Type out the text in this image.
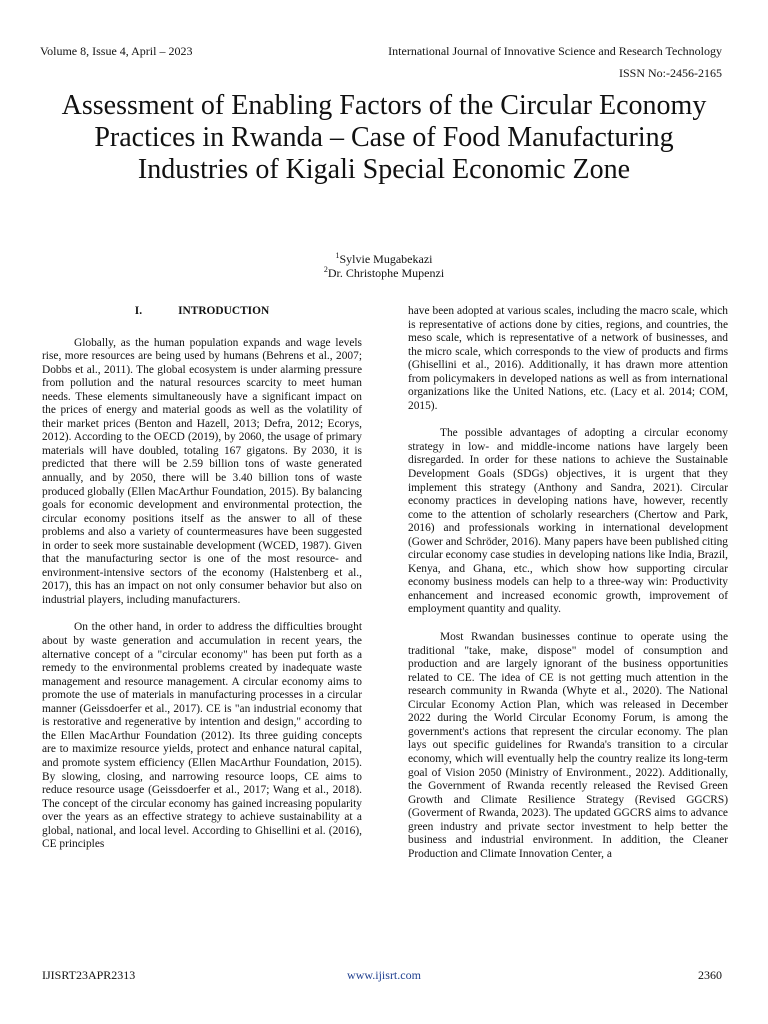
Volume 8, Issue 4, April – 2023	International Journal of Innovative Science and Research Technology
ISSN No:-2456-2165
Assessment of Enabling Factors of the Circular Economy Practices in Rwanda – Case of Food Manufacturing Industries of Kigali Special Economic Zone
$^1$Sylvie Mugabekazi
$^2$Dr. Christophe Mupenzi
I.	INTRODUCTION

Globally, as the human population expands and wage levels rise, more resources are being used by humans (Behrens et al., 2007; Dobbs et al., 2011). The global ecosystem is under alarming pressure from pollution and the natural resources scarcity to meet human needs. These elements simultaneously have a significant impact on the prices of energy and material goods as well as the volatility of their market prices (Benton and Hazell, 2013; Defra, 2012; Ecorys, 2012). According to the OECD (2019), by 2060, the usage of primary materials will have doubled, totaling 167 gigatons. By 2030, it is predicted that there will be 2.59 billion tons of waste generated annually, and by 2050, there will be 3.40 billion tons of waste produced globally (Ellen MacArthur Foundation, 2015). By balancing goals for economic development and environmental protection, the circular economy positions itself as the answer to all of these problems and also a variety of countermeasures have been suggested in order to seek more sustainable development (WCED, 1987). Given that the manufacturing sector is one of the most resource- and environment-intensive sectors of the economy (Halstenberg et al., 2017), this has an impact on not only consumer behavior but also on industrial players, including manufacturers.

On the other hand, in order to address the difficulties brought about by waste generation and accumulation in recent years, the alternative concept of a "circular economy" has been put forth as a remedy to the environmental problems created by inadequate waste management and resource management. A circular economy aims to promote the use of materials in manufacturing processes in a circular manner (Geissdoerfer et al., 2017). CE is "an industrial economy that is restorative and regenerative by intention and design," according to the Ellen MacArthur Foundation (2012). Its three guiding concepts are to maximize resource yields, protect and enhance natural capital, and promote system efficiency (Ellen MacArthur Foundation, 2015). By slowing, closing, and narrowing resource loops, CE aims to reduce resource usage (Geissdoerfer et al., 2017; Wang et al., 2018). The concept of the circular economy has gained increasing popularity over the years as an effective strategy to achieve sustainability at a global, national, and local level. According to Ghisellini et al. (2016), CE principles

have been adopted at various scales, including the macro scale, which is representative of actions done by cities, regions, and countries, the meso scale, which is representative of a network of businesses, and the micro scale, which corresponds to the view of products and firms (Ghisellini et al., 2016). Additionally, it has drawn more attention from policymakers in developed nations as well as from international organizations like the United Nations, etc. (Lacy et al. 2014; COM, 2015).

The possible advantages of adopting a circular economy strategy in low- and middle-income nations have largely been disregarded. In order for these nations to achieve the Sustainable Development Goals (SDGs) objectives, it is urgent that they implement this strategy (Anthony and Sandra, 2021). Circular economy practices in developing nations have, however, recently come to the attention of scholarly researchers (Chertow and Park, 2016) and professionals working in international development (Gower and Schröder, 2016). Many papers have been published citing circular economy case studies in developing nations like India, Brazil, Kenya, and Ghana, etc., which show how supporting circular economy business models can help to a three-way win: Productivity enhancement and increased economic growth, improvement of employment quantity and quality.

Most Rwandan businesses continue to operate using the traditional "take, make, dispose" model of consumption and production and are largely ignorant of the business opportunities related to CE. The idea of CE is not getting much attention in the research community in Rwanda (Whyte et al., 2020). The National Circular Economy Action Plan, which was released in December 2022 during the World Circular Economy Forum, is among the government's actions that represent the circular economy. The plan lays out specific guidelines for Rwanda's transition to a circular economy, which will eventually help the country realize its long-term goal of Vision 2050 (Ministry of Environment., 2022). Additionally, the Government of Rwanda recently released the Revised Green Growth and Climate Resilience Strategy (Revised GGCRS) (Goverment of Rwanda, 2023). The updated GGCRS aims to advance green industry and private sector investment to help better the business and industrial environment. In addition, the Cleaner Production and Climate Innovation Center, a

IJISRT23APR2313	www.ijisrt.com	2360
